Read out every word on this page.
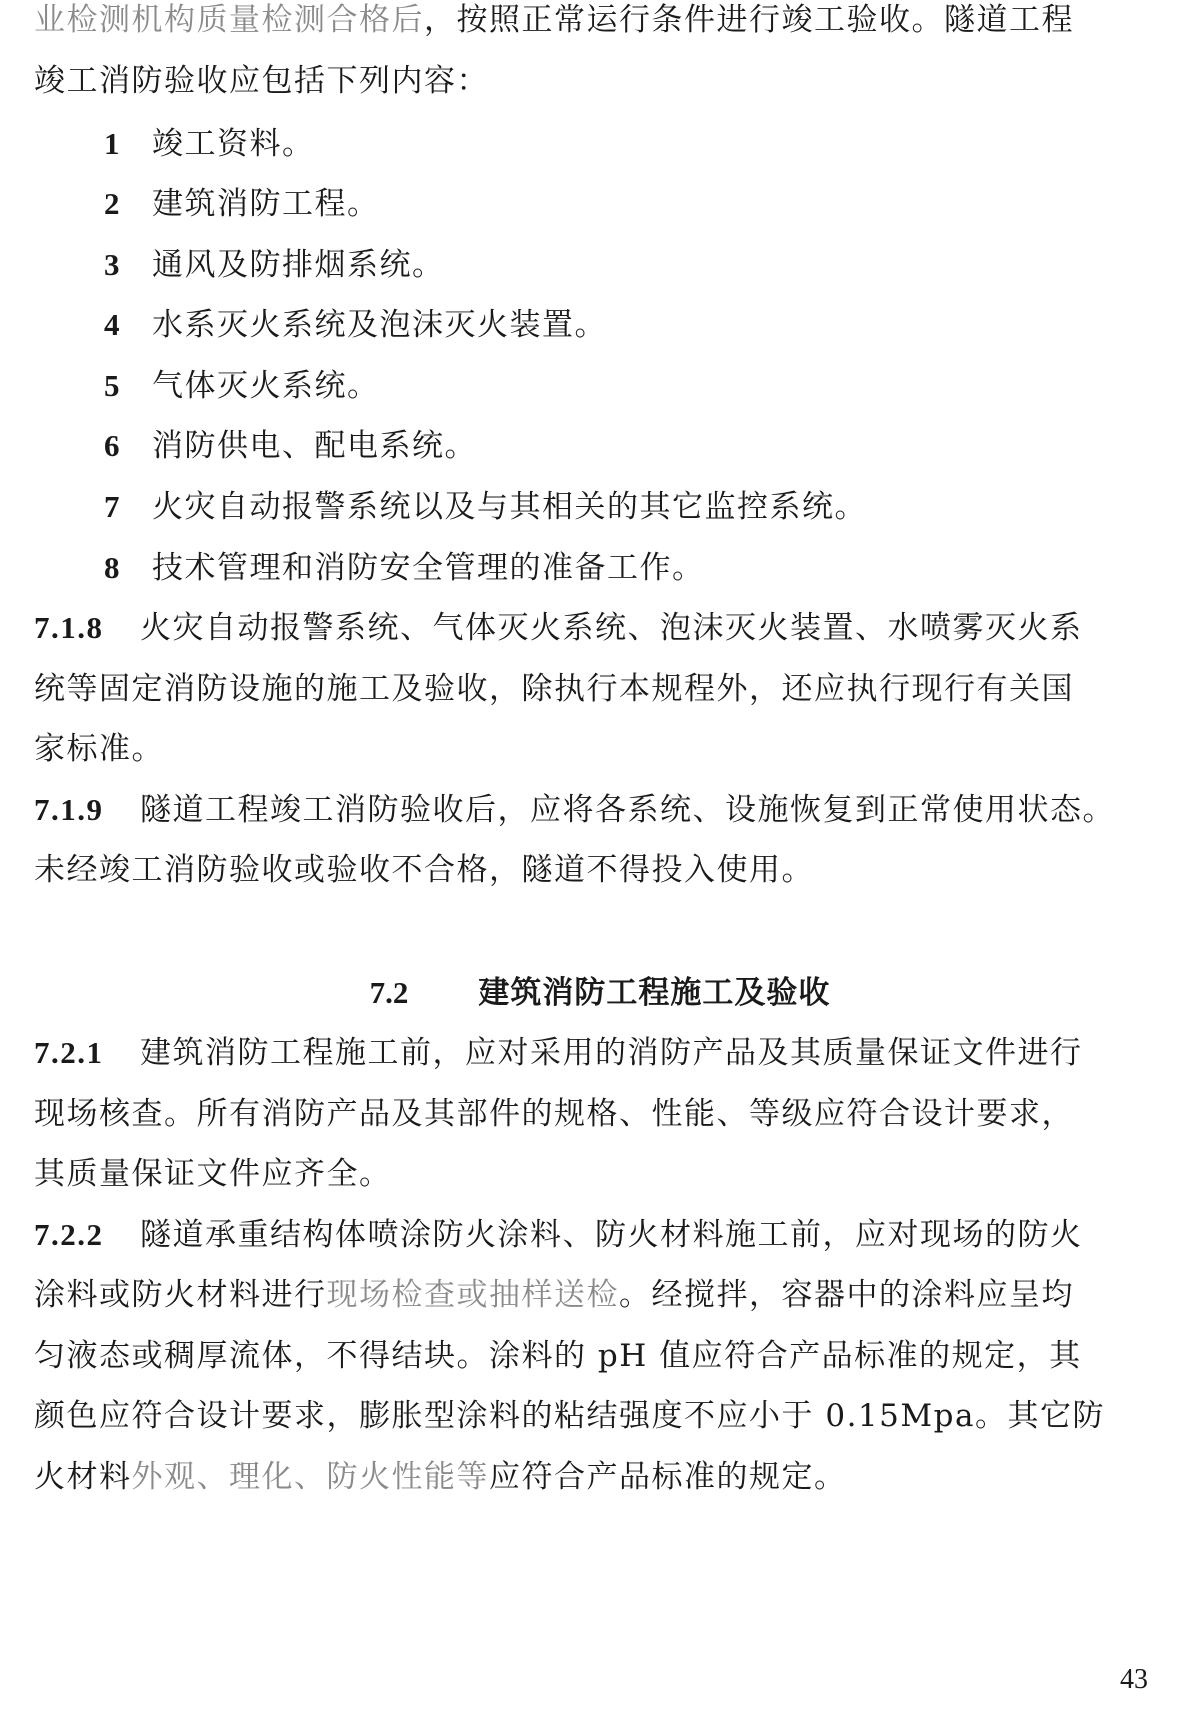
业检测机构质量检测合格后，按照正常运行条件进行竣工验收。隧道工程
竣工消防验收应包括下列内容：
1 竣工资料。
2 建筑消防工程。
3 通风及防排烟系统。
4 水系灭火系统及泡沫灭火装置。
5 气体灭火系统。
6 消防供电、配电系统。
7 火灾自动报警系统以及与其相关的其它监控系统。
8 技术管理和消防安全管理的准备工作。
7.1.8 火灾自动报警系统、气体灭火系统、泡沫灭火装置、水喷雾灭火系
统等固定消防设施的施工及验收，除执行本规程外，还应执行现行有关国
家标准。
7.1.9 隧道工程竣工消防验收后，应将各系统、设施恢复到正常使用状态。
未经竣工消防验收或验收不合格，隧道不得投入使用。
7.2 建筑消防工程施工及验收
7.2.1 建筑消防工程施工前，应对采用的消防产品及其质量保证文件进行
现场核查。所有消防产品及其部件的规格、性能、等级应符合设计要求，
其质量保证文件应齐全。
7.2.2 隧道承重结构体喷涂防火涂料、防火材料施工前，应对现场的防火
涂料或防火材料进行现场检查或抽样送检。经搅拌，容器中的涂料应呈均
匀液态或稠厚流体，不得结块。涂料的 pH 值应符合产品标准的规定，其
颜色应符合设计要求，膨胀型涂料的粘结强度不应小于 0.15Mpa。其它防
火材料外观、理化、防火性能等应符合产品标准的规定。
43
